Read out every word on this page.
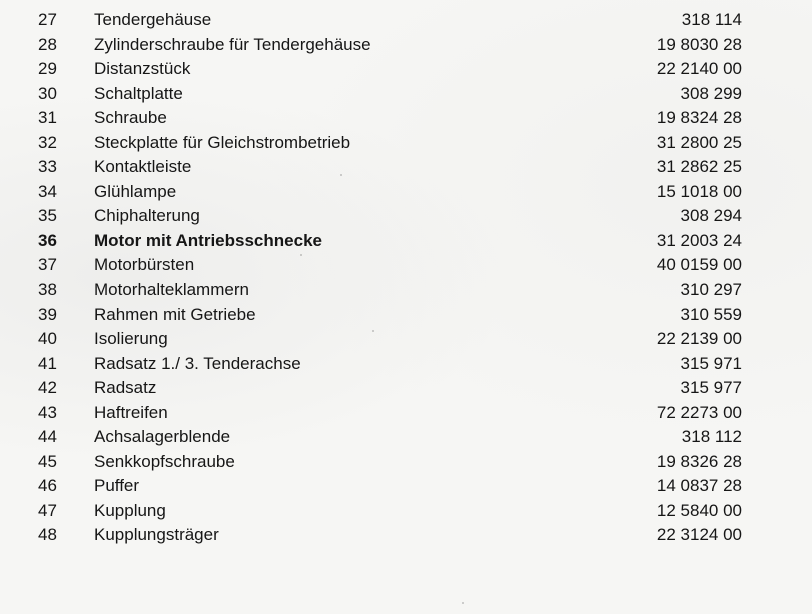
27	Tendergehäuse	318 114
28	Zylinderschraube für Tendergehäuse	19 8030 28
29	Distanzstück	22 2140 00
30	Schaltplatte	308 299
31	Schraube	19 8324 28
32	Steckplatte für Gleichstrombetrieb	31 2800 25
33	Kontaktleiste	31 2862 25
34	Glühlampe	15 1018 00
35	Chiphalterung	308 294
36	Motor mit Antriebsschnecke	31 2003 24
37	Motorbürsten	40 0159 00
38	Motorhalteklammern	310 297
39	Rahmen mit Getriebe	310 559
40	Isolierung	22 2139 00
41	Radsatz 1./ 3. Tenderachse	315 971
42	Radsatz	315 977
43	Haftreifen	72 2273 00
44	Achsalagerblende	318 112
45	Senkkopfschraube	19 8326 28
46	Puffer	14 0837 28
47	Kupplung	12 5840 00
48	Kupplungsträger	22 3124 00
